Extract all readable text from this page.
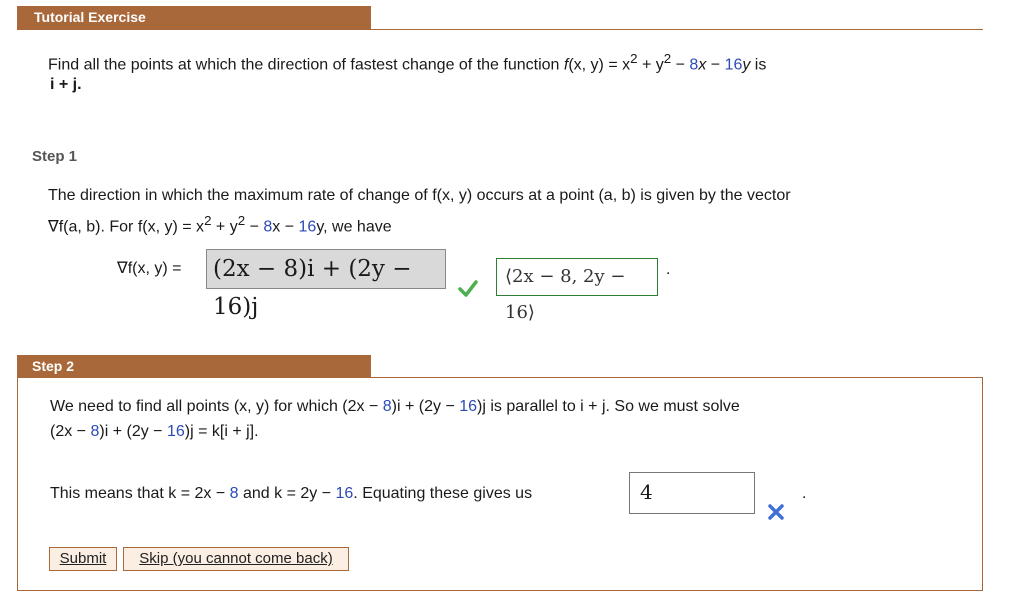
Tutorial Exercise
Find all the points at which the direction of fastest change of the function f(x, $y) = x^2 + y^2 - 8x - 16y$ is
i + j.
Step 1
The direction in which the maximum rate of change of f(x, y) occurs at a point (a, b) is given by the vector
∇f(a, b). For f(x, $y) = x^2 + y^2 - 8x - 16y$, we have
∇f(x, y) =	(2x − 8)i + (2y − 16)j
⟨2x − 8, 2y − 16⟩
.
Step 2
We need to find all points (x, y) for which (2x − 8)i + (2y − 16)j is parallel to i + j. So we must solve
(2x − 8)i + (2y − 16)j = k[i + j].
This means that k = 2x − 8 and k = 2y − 16. Equating these gives us	4	.
Submit	Skip (you cannot come back)
